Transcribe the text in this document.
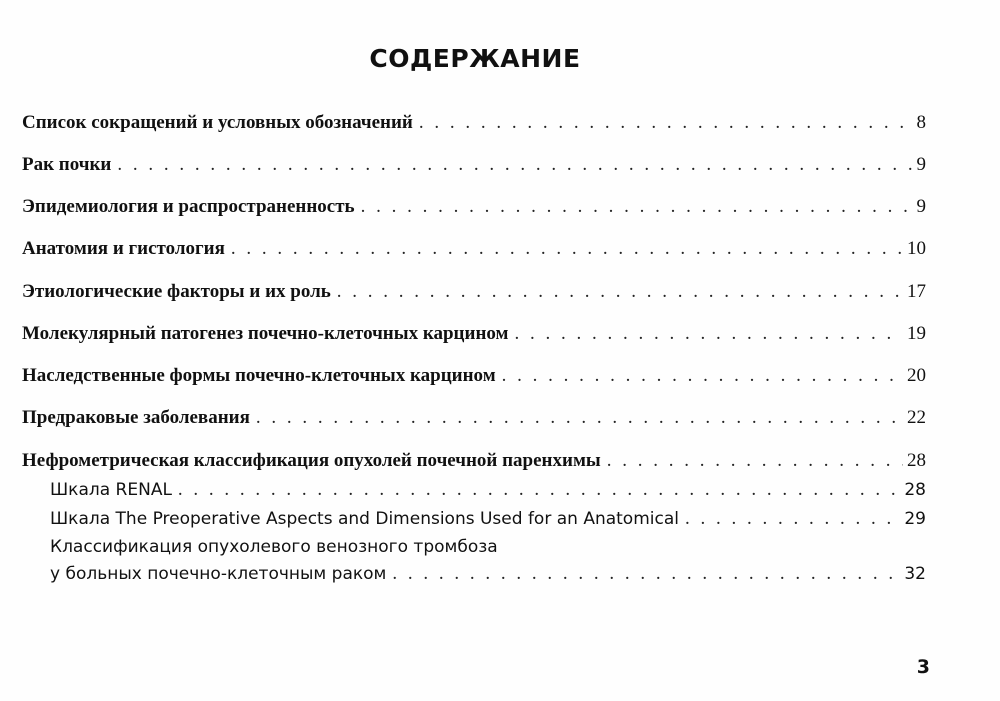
СОДЕРЖАНИЕ
Список сокращений и условных обозначений . . .	8
Рак почки . . .	9
Эпидемиология и распространенность . . .	9
Анатомия и гистология . . .	10
Этиологические факторы и их роль . . .	17
Молекулярный патогенез почечно-клеточных карцином . . .	19
Наследственные формы почечно-клеточных карцином . . .	20
Предраковые заболевания . . .	22
Нефрометрическая классификация опухолей почечной паренхимы . . .	28
Шкала RENAL . . .	28
Шкала The Preoperative Aspects and Dimensions Used for an Anatomical . . .	29
Классификация опухолевого венозного тромбоза
у больных почечно-клеточным раком . . .	32
3
